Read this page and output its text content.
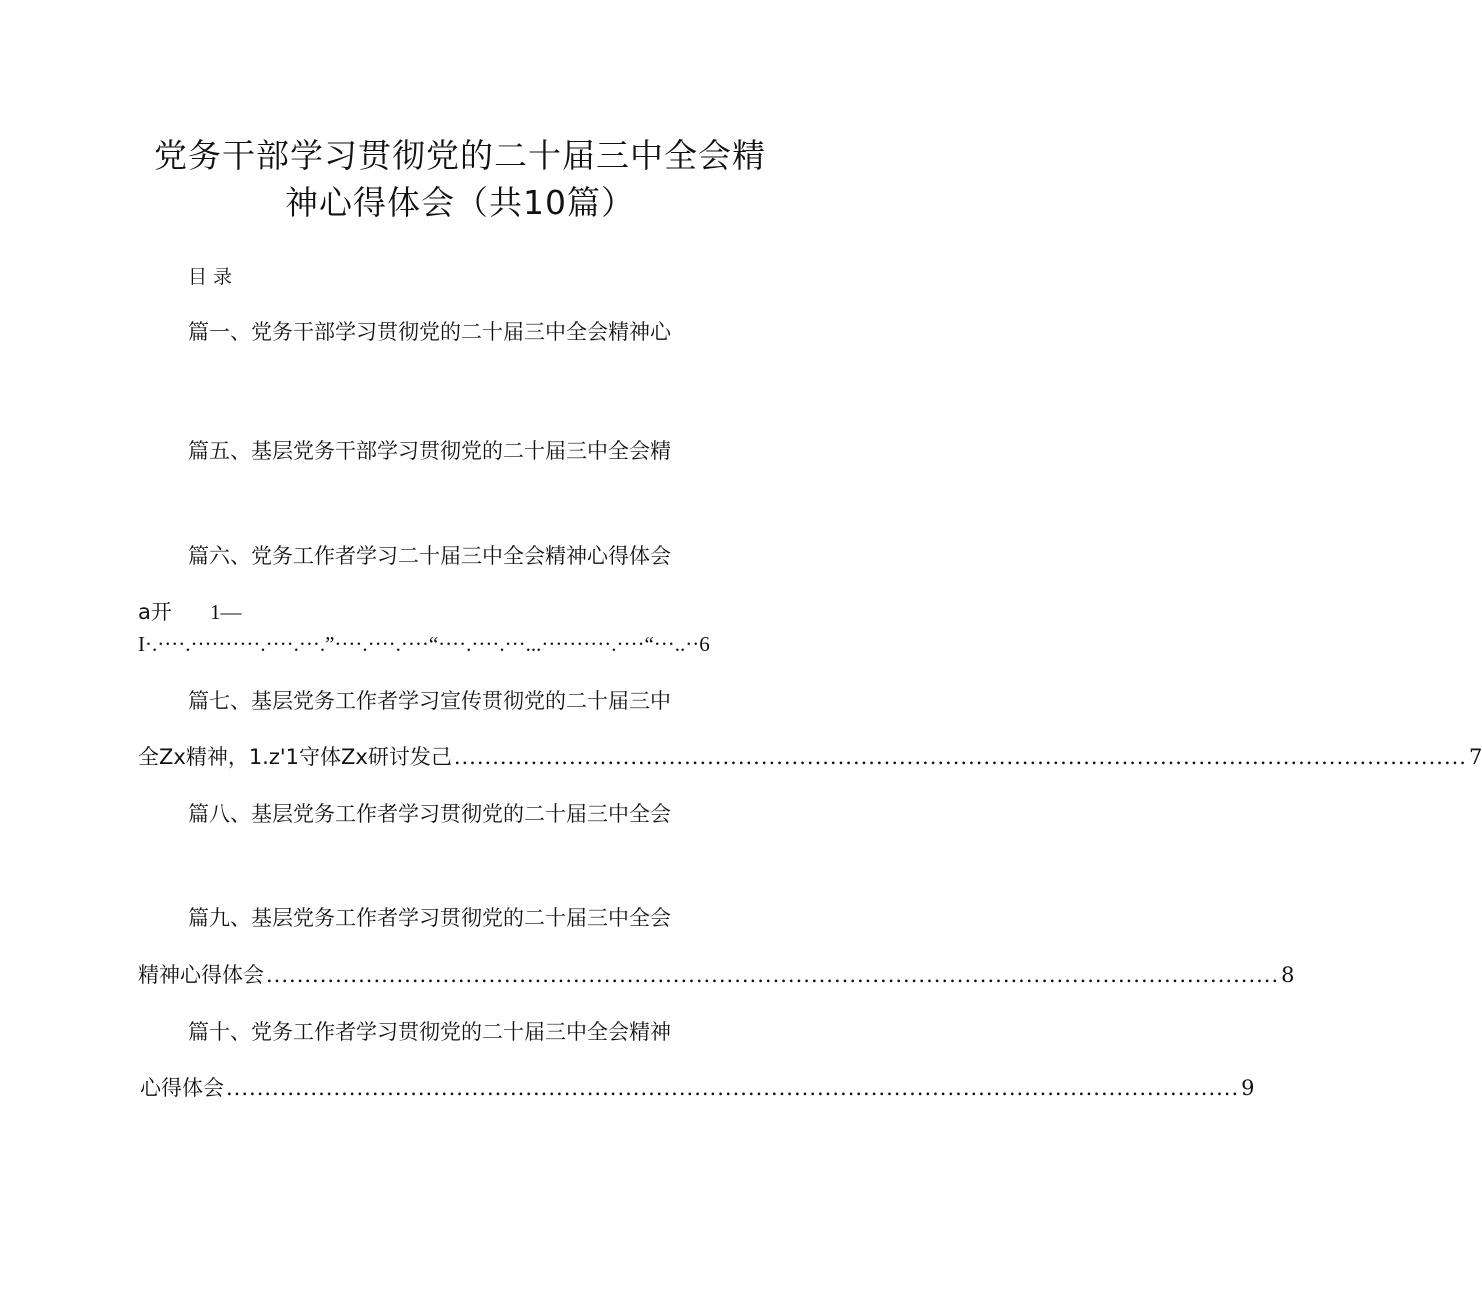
党务干部学习贯彻党的二十届三中全会精
神心得体会（共10篇）
目录
篇一、党务干部学习贯彻党的二十届三中全会精神心
篇五、基层党务干部学习贯彻党的二十届三中全会精
篇六、党务工作者学习二十届三中全会精神心得体会
a开 1—
I·.····.··········.····.···.”····.····.····“····.····.···...··········.····“···..··6
篇七、基层党务工作者学习宣传贯彻党的二十届三中
全Zx精神，1.z'1守体Zx研讨发己 .................................................................................................................................... 7
篇八、基层党务工作者学习贯彻党的二十届三中全会
篇九、基层党务工作者学习贯彻党的二十届三中全会
精神心得体会 .................................................................................................................................... 8
篇十、党务工作者学习贯彻党的二十届三中全会精神
心得体会 .................................................................................................................................... 9
